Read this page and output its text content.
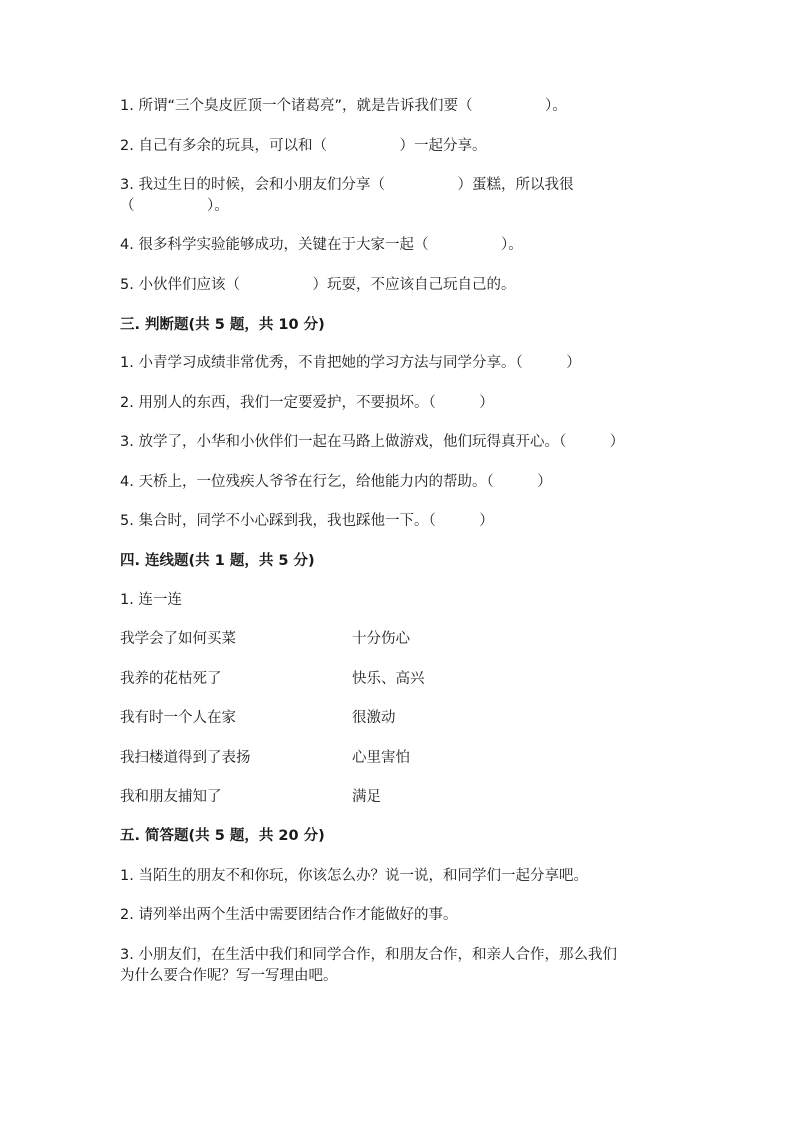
1. 所谓“三个臭皮匠顶一个诸葛亮”，就是告诉我们要（　　　　　）。
2. 自己有多余的玩具，可以和（　　　　　）一起分享。
3. 我过生日的时候，会和小朋友们分享（　　　　　）蛋糕，所以我很
（　　　　　）。
4. 很多科学实验能够成功，关键在于大家一起（　　　　　）。
5. 小伙伴们应该（　　　　　）玩耍，不应该自己玩自己的。
三. 判断题(共 5 题，共 10 分)
1. 小青学习成绩非常优秀，不肯把她的学习方法与同学分享。（　　　）
2. 用别人的东西，我们一定要爱护，不要损坏。（　　　）
3. 放学了，小华和小伙伴们一起在马路上做游戏，他们玩得真开心。（　　　）
4. 天桥上，一位残疾人爷爷在行乞，给他能力内的帮助。（　　　）
5. 集合时，同学不小心踩到我，我也踩他一下。（　　　）
四. 连线题(共 1 题，共 5 分)
1. 连一连
我学会了如何买菜	十分伤心
我养的花枯死了	快乐、高兴
我有时一个人在家	很激动
我扫楼道得到了表扬	心里害怕
我和朋友捕知了	满足
五. 简答题(共 5 题，共 20 分)
1. 当陌生的朋友不和你玩，你该怎么办？说一说，和同学们一起分享吧。
2. 请列举出两个生活中需要团结合作才能做好的事。
3. 小朋友们，在生活中我们和同学合作，和朋友合作，和亲人合作，那么我们
为什么要合作呢？写一写理由吧。
